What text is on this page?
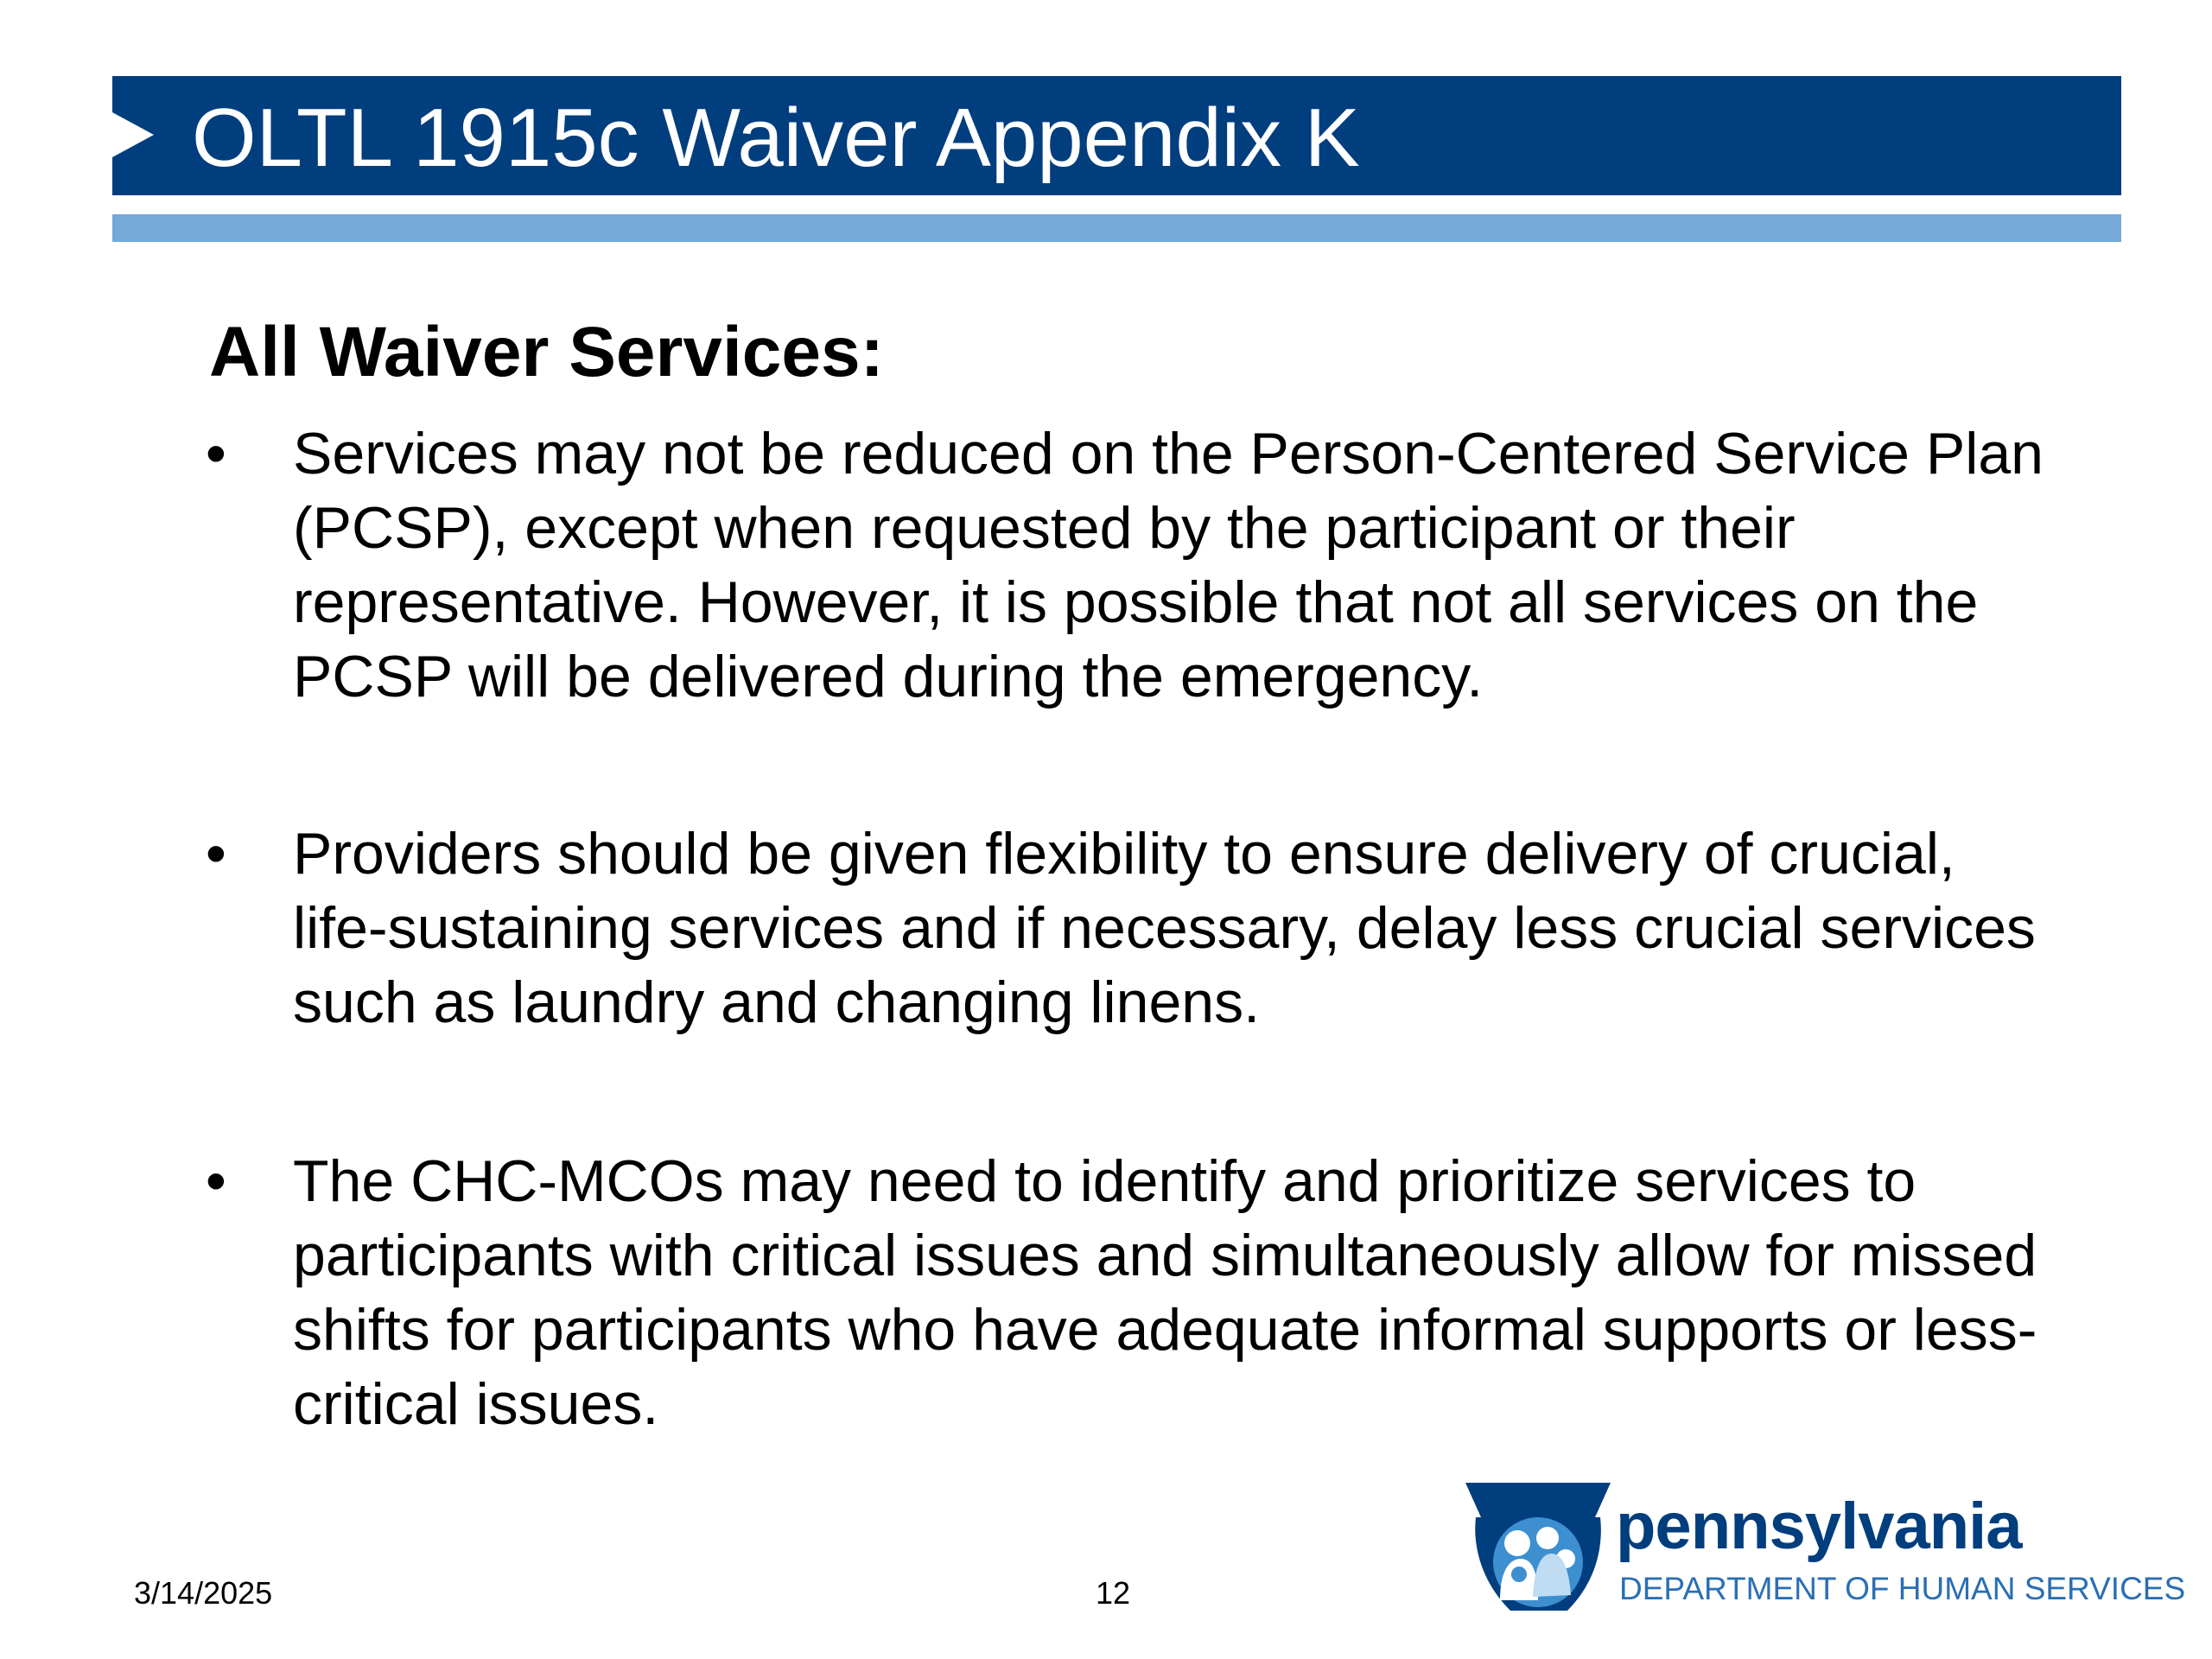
OLTL 1915c Waiver Appendix K
All Waiver Services:
•	Services may not be reduced on the Person-Centered Service Plan (PCSP), except when requested by the participant or their representative. However, it is possible that not all services on the PCSP will be delivered during the emergency.
•	Providers should be given flexibility to ensure delivery of crucial, life-sustaining services and if necessary, delay less crucial services such as laundry and changing linens.
•	The CHC-MCOs may need to identify and prioritize services to participants with critical issues and simultaneously allow for missed shifts for participants who have adequate informal supports or less-critical issues.
3/14/2025	12
pennsylvania
DEPARTMENT OF HUMAN SERVICES
